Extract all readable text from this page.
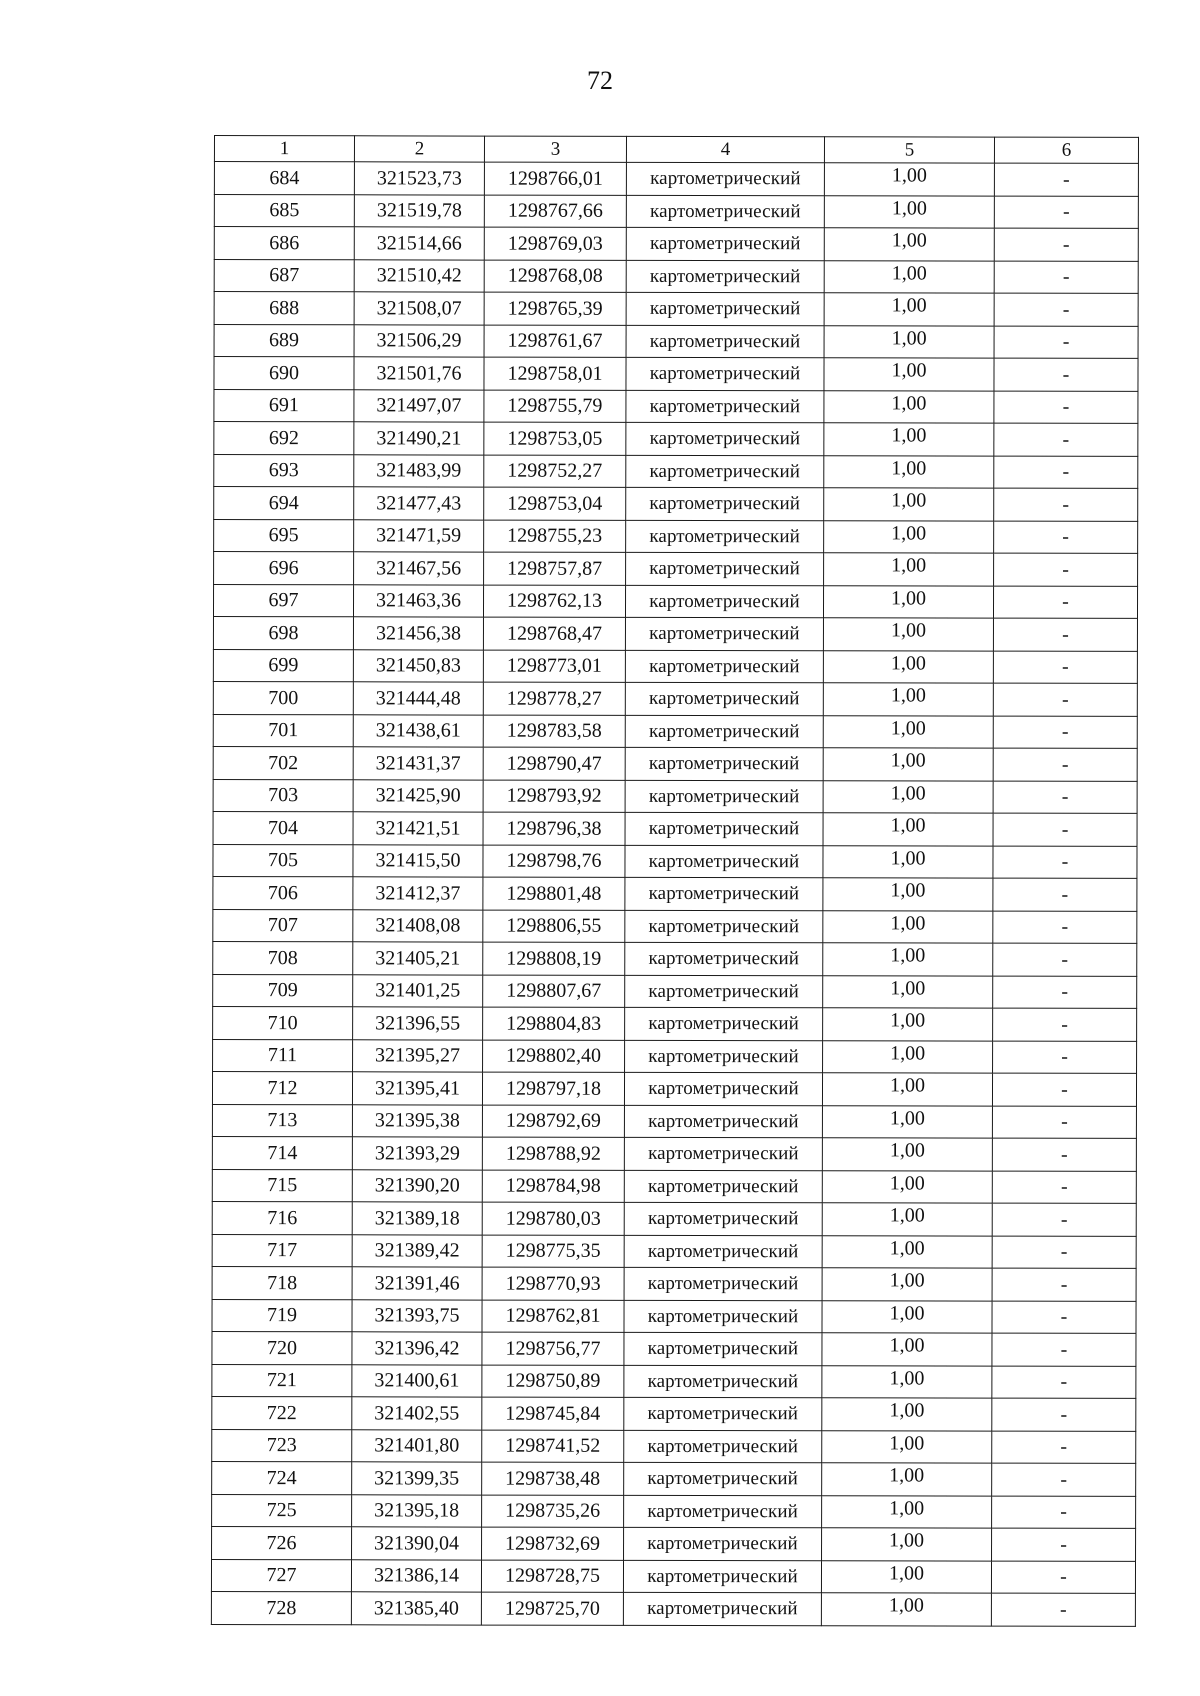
72
1	2	3	4	5	6
684	321523,73	1298766,01	картометрический	1,00	-
685	321519,78	1298767,66	картометрический	1,00	-
686	321514,66	1298769,03	картометрический	1,00	-
687	321510,42	1298768,08	картометрический	1,00	-
688	321508,07	1298765,39	картометрический	1,00	-
689	321506,29	1298761,67	картометрический	1,00	-
690	321501,76	1298758,01	картометрический	1,00	-
691	321497,07	1298755,79	картометрический	1,00	-
692	321490,21	1298753,05	картометрический	1,00	-
693	321483,99	1298752,27	картометрический	1,00	-
694	321477,43	1298753,04	картометрический	1,00	-
695	321471,59	1298755,23	картометрический	1,00	-
696	321467,56	1298757,87	картометрический	1,00	-
697	321463,36	1298762,13	картометрический	1,00	-
698	321456,38	1298768,47	картометрический	1,00	-
699	321450,83	1298773,01	картометрический	1,00	-
700	321444,48	1298778,27	картометрический	1,00	-
701	321438,61	1298783,58	картометрический	1,00	-
702	321431,37	1298790,47	картометрический	1,00	-
703	321425,90	1298793,92	картометрический	1,00	-
704	321421,51	1298796,38	картометрический	1,00	-
705	321415,50	1298798,76	картометрический	1,00	-
706	321412,37	1298801,48	картометрический	1,00	-
707	321408,08	1298806,55	картометрический	1,00	-
708	321405,21	1298808,19	картометрический	1,00	-
709	321401,25	1298807,67	картометрический	1,00	-
710	321396,55	1298804,83	картометрический	1,00	-
711	321395,27	1298802,40	картометрический	1,00	-
712	321395,41	1298797,18	картометрический	1,00	-
713	321395,38	1298792,69	картометрический	1,00	-
714	321393,29	1298788,92	картометрический	1,00	-
715	321390,20	1298784,98	картометрический	1,00	-
716	321389,18	1298780,03	картометрический	1,00	-
717	321389,42	1298775,35	картометрический	1,00	-
718	321391,46	1298770,93	картометрический	1,00	-
719	321393,75	1298762,81	картометрический	1,00	-
720	321396,42	1298756,77	картометрический	1,00	-
721	321400,61	1298750,89	картометрический	1,00	-
722	321402,55	1298745,84	картометрический	1,00	-
723	321401,80	1298741,52	картометрический	1,00	-
724	321399,35	1298738,48	картометрический	1,00	-
725	321395,18	1298735,26	картометрический	1,00	-
726	321390,04	1298732,69	картометрический	1,00	-
727	321386,14	1298728,75	картометрический	1,00	-
728	321385,40	1298725,70	картометрический	1,00	-
